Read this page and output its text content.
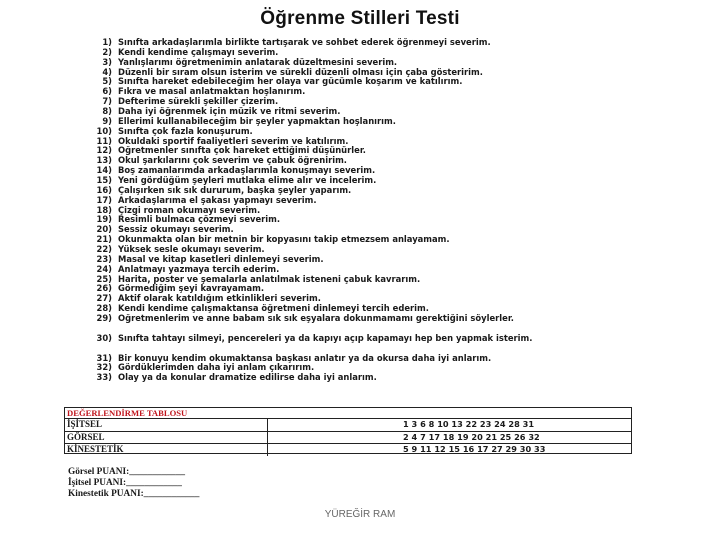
Öğrenme Stilleri Testi
1) Sınıfta arkadaşlarımla birlikte tartışarak ve sohbet ederek öğrenmeyi severim.
2) Kendi kendime çalışmayı severim.
3) Yanlışlarımı öğretmenimin anlatarak düzeltmesini severim.
4) Düzenli bir sıram olsun isterim ve sürekli düzenli olması için çaba gösteririm.
5) Sınıfta hareket edebileceğim her olaya var gücümle koşarım ve katılırım.
6) Fıkra ve masal anlatmaktan hoşlanırım.
7) Defterime sürekli şekiller çizerim.
8) Daha iyi öğrenmek için müzik ve ritmi severim.
9) Ellerimi kullanabileceğim bir şeyler yapmaktan hoşlanırım.
10) Sınıfta çok fazla konuşurum.
11) Okuldaki sportif faaliyetleri severim ve katılırım.
12) Öğretmenler sınıfta çok hareket ettiğimi düşünürler.
13) Okul şarkılarını çok severim ve çabuk öğrenirim.
14) Boş zamanlarımda arkadaşlarımla konuşmayı severim.
15) Yeni gördüğüm şeyleri mutlaka elime alır ve incelerim.
16) Çalışırken sık sık dururum, başka şeyler yaparım.
17) Arkadaşlarıma el şakası yapmayı severim.
18) Çizgi roman okumayı severim.
19) Resimli bulmaca çözmeyi severim.
20) Sessiz okumayı severim.
21) Okunmakta olan bir metnin bir kopyasını takip etmezsem anlayamam.
22) Yüksek sesle okumayı severim.
23) Masal ve kitap kasetleri dinlemeyi severim.
24) Anlatmayı yazmaya tercih ederim.
25) Harita, poster ve şemalarla anlatılmak isteneni çabuk kavrarım.
26) Görmediğim şeyi kavrayamam.
27) Aktif olarak katıldığım etkinlikleri severim.
28) Kendi kendime çalışmaktansa öğretmeni dinlemeyi tercih ederim.
29) Öğretmenlerim ve anne babam sık sık eşyalara dokunmamamı gerektiğini söylerler.
30) Sınıfta tahtayı silmeyi, pencereleri ya da kapıyı açıp kapamayı hep ben yapmak isterim.
31) Bir konuyu kendim okumaktansa başkası anlatır ya da okursa daha iyi anlarım.
32) Gördüklerimden daha iyi anlam çıkarırım.
33) Olay ya da konular dramatize edilirse daha iyi anlarım.
DEĞERLENDİRME TABLOSU
İŞİTSEL	1 3 6 8 10 13 22 23 24 28 31
GÖRSEL	2 4 7 17 18 19 20 21 25 26 32
KİNESTETİK	5 9 11 12 15 16 17 27 29 30 33
Görsel PUANI:____________
İşitsel PUANI:____________
Kinestetik PUANI:____________
YÜREĞİR RAM
